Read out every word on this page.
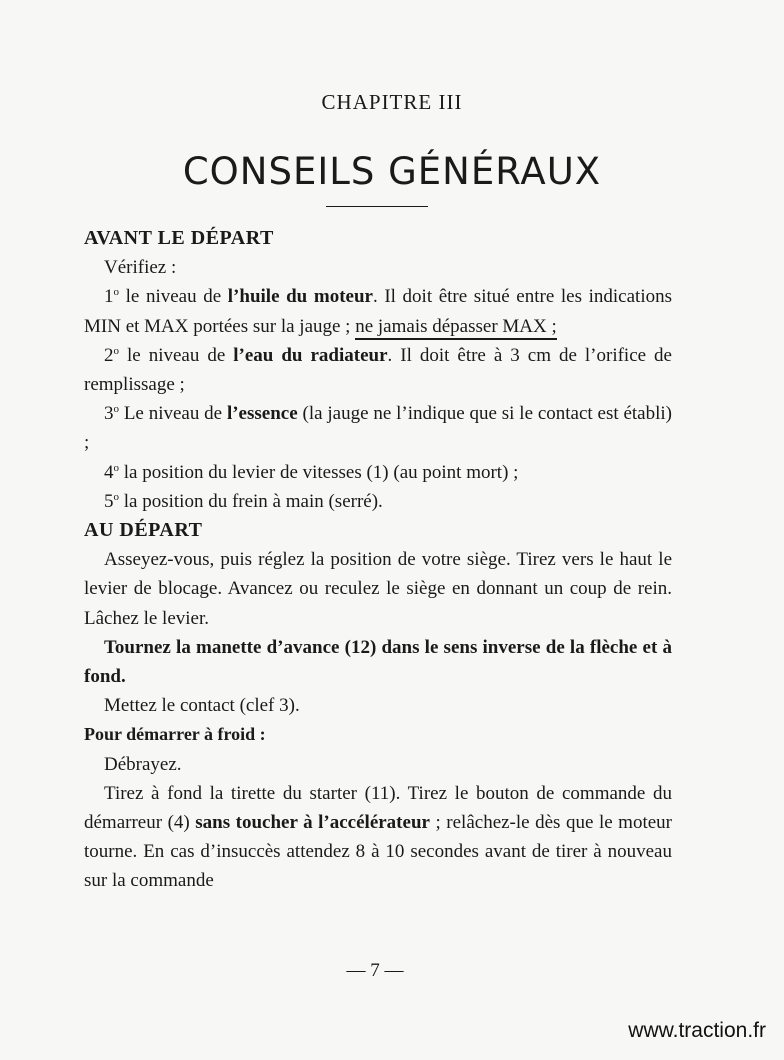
CHAPITRE III
CONSEILS GÉNÉRAUX

AVANT LE DÉPART

Vérifiez :

1$^o$ le niveau de l’huile du moteur. Il doit être situé entre les indications MIN et MAX portées sur la jauge ; ne jamais dépasser MAX ;

2$^o$ le niveau de l’eau du radiateur. Il doit être à 3 cm de l’orifice de remplissage ;

3$^o$ Le niveau de l’essence (la jauge ne l’indique que si le contact est établi) ;

4$^o$ la position du levier de vitesses (1) (au point mort) ;

5$^o$ la position du frein à main (serré).

AU DÉPART

Asseyez-vous, puis réglez la position de votre siège. Tirez vers le haut le levier de blocage. Avancez ou reculez le siège en donnant un coup de rein. Lâchez le levier.

Tournez la manette d’avance (12) dans le sens inverse de la flèche et à fond.

Mettez le contact (clef 3).

Pour démarrer à froid :

Débrayez.

Tirez à fond la tirette du starter (11). Tirez le bouton de commande du démarreur (4) sans toucher à l’accélérateur ; relâchez-le dès que le moteur tourne. En cas d’insuccès attendez 8 à 10 secondes avant de tirer à nouveau sur la commande

— 7 —
www.traction.fr
